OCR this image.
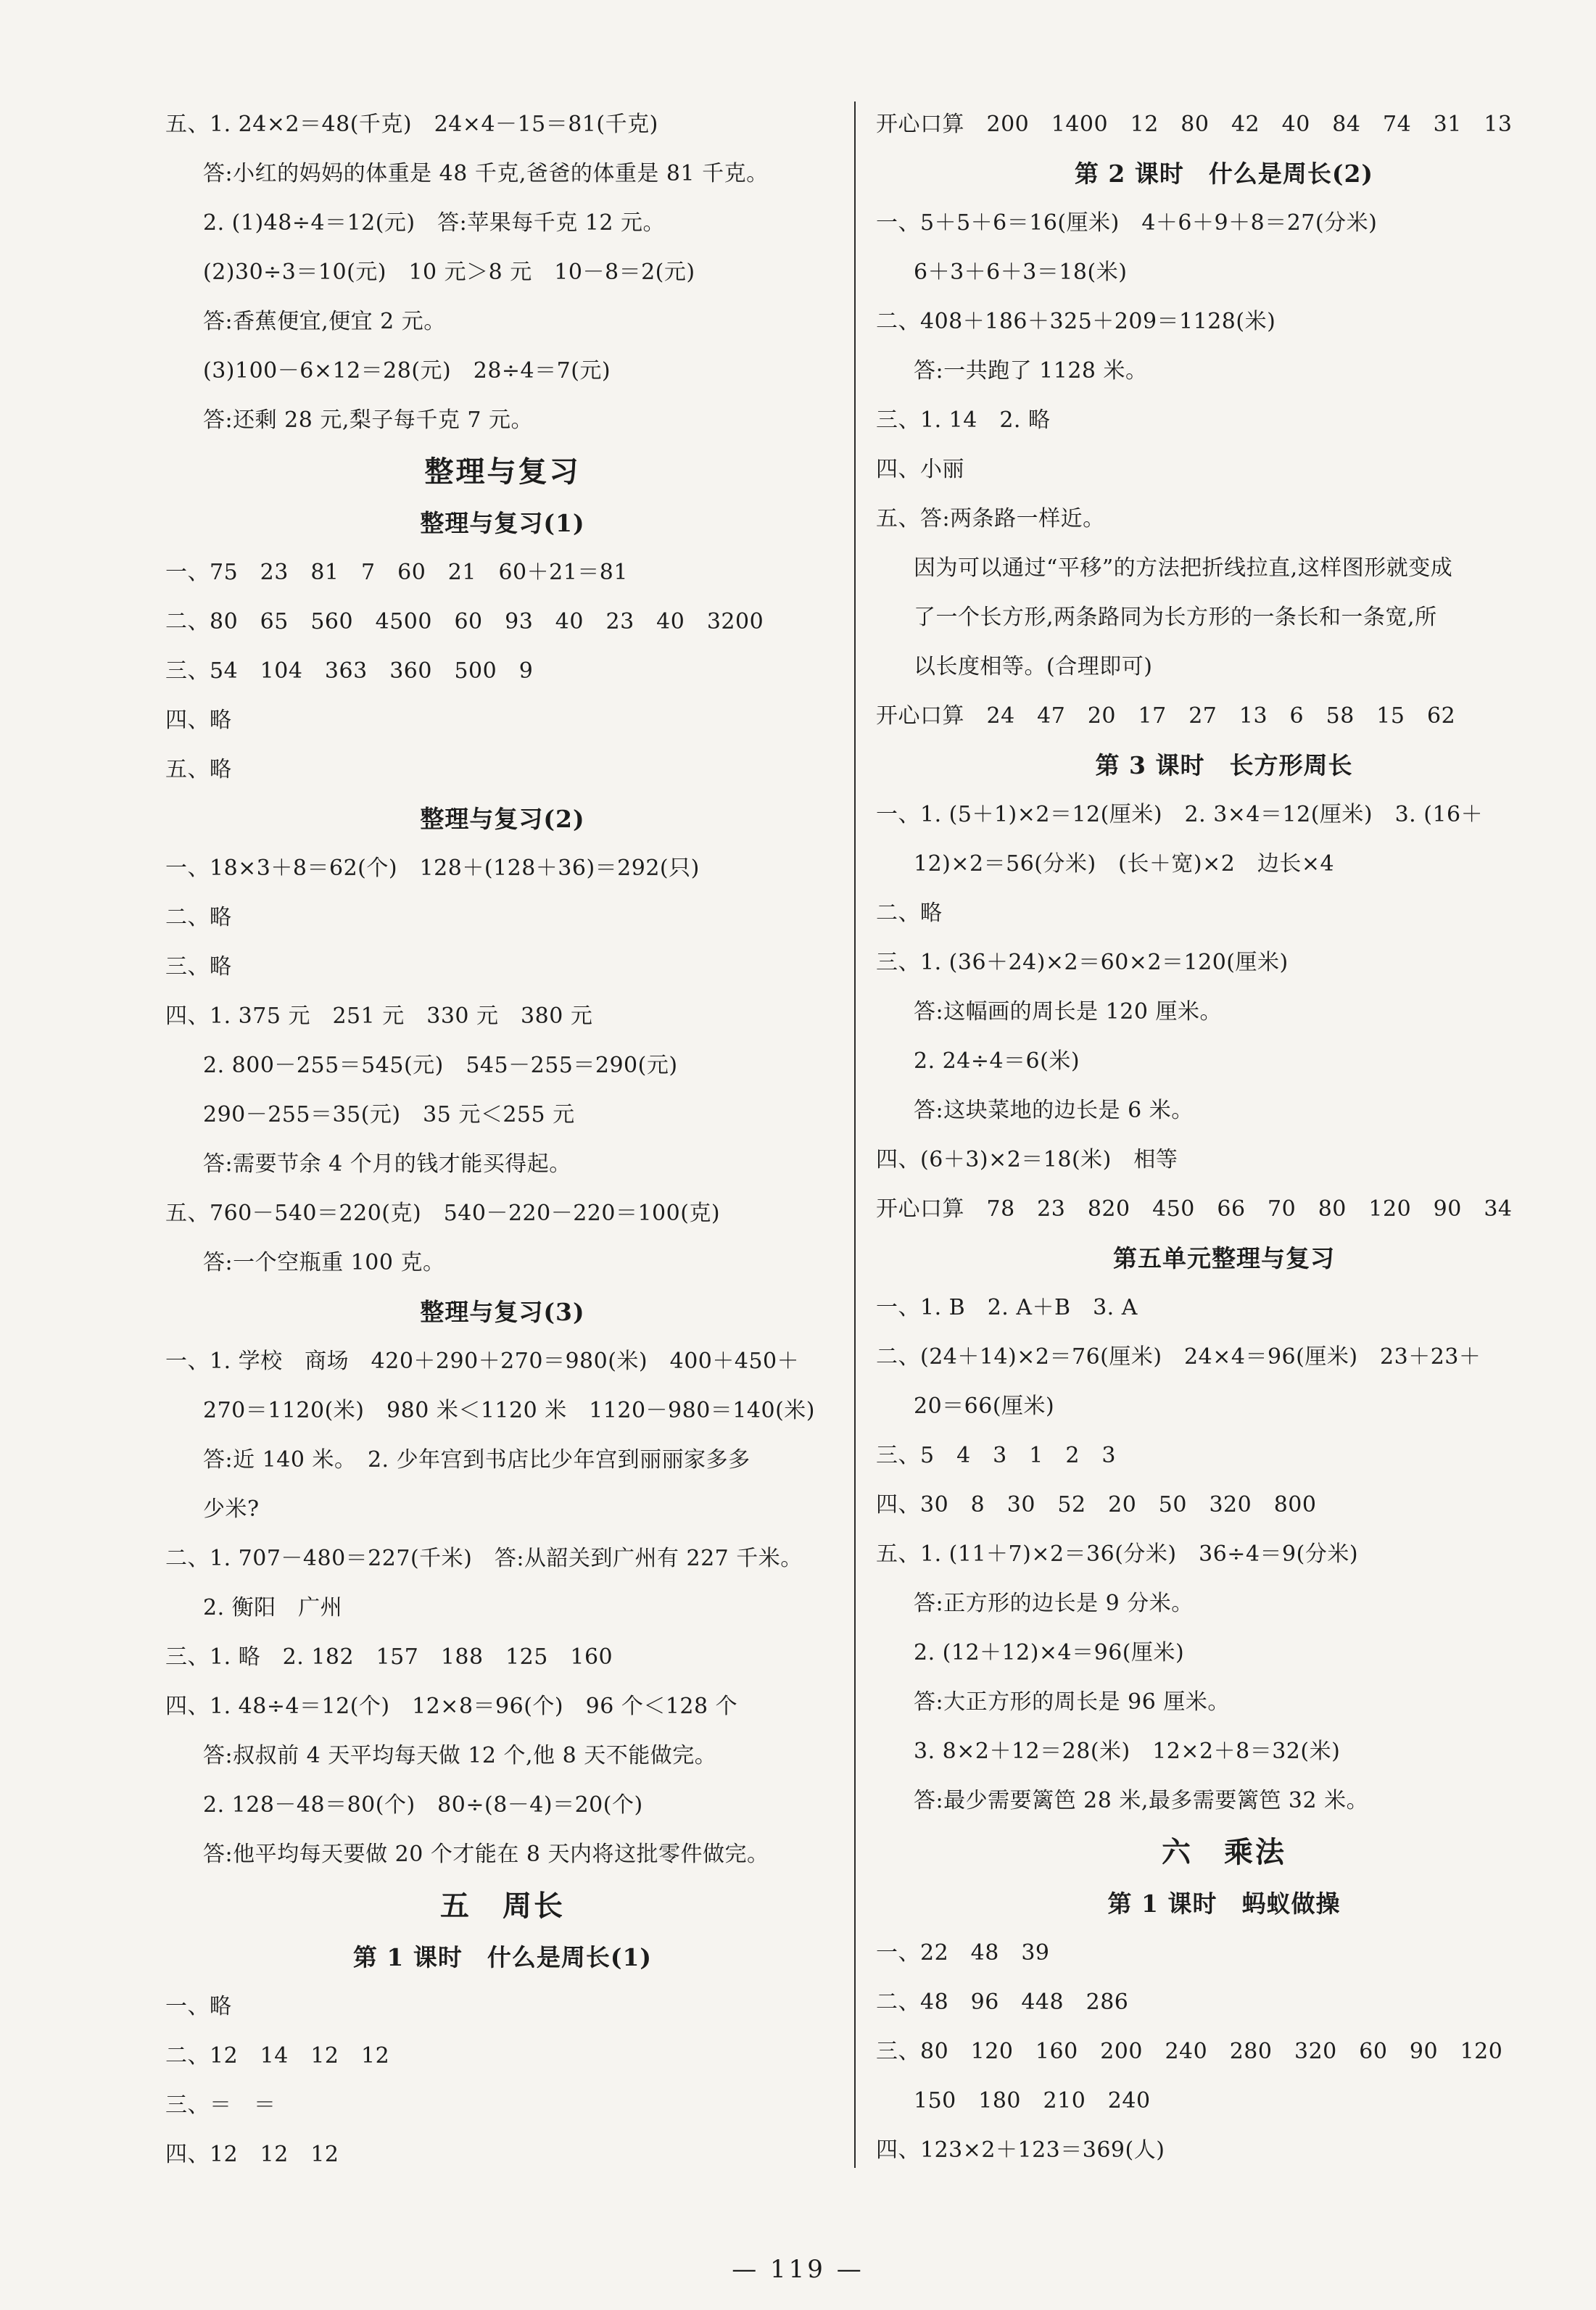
五、1. 24×2＝48(千克)　24×4－15＝81(千克)
答:小红的妈妈的体重是 48 千克,爸爸的体重是 81 千克。
2. (1)48÷4＝12(元)　答:苹果每千克 12 元。
(2)30÷3＝10(元)　10 元＞8 元　10－8＝2(元)
答:香蕉便宜,便宜 2 元。
(3)100－6×12＝28(元)　28÷4＝7(元)
答:还剩 28 元,梨子每千克 7 元。
整理与复习
整理与复习(1)
一、75　23　81　7　60　21　60＋21＝81
二、80　65　560　4500　60　93　40　23　40　3200
三、54　104　363　360　500　9
四、略
五、略
整理与复习(2)
一、18×3＋8＝62(个)　128＋(128＋36)＝292(只)
二、略
三、略
四、1. 375 元　251 元　330 元　380 元
2. 800－255＝545(元)　545－255＝290(元)
290－255＝35(元)　35 元＜255 元
答:需要节余 4 个月的钱才能买得起。
五、760－540＝220(克)　540－220－220＝100(克)
答:一个空瓶重 100 克。
整理与复习(3)
一、1. 学校　商场　420＋290＋270＝980(米)　400＋450＋
270＝1120(米)　980 米＜1120 米　1120－980＝140(米)
答:近 140 米。　2. 少年宫到书店比少年宫到丽丽家多多
少米?
二、1. 707－480＝227(千米)　答:从韶关到广州有 227 千米。
2. 衡阳　广州
三、1. 略　2. 182　157　188　125　160
四、1. 48÷4＝12(个)　12×8＝96(个)　96 个＜128 个
答:叔叔前 4 天平均每天做 12 个,他 8 天不能做完。
2. 128－48＝80(个)　80÷(8－4)＝20(个)
答:他平均每天要做 20 个才能在 8 天内将这批零件做完。
五　周长
第 1 课时　什么是周长(1)
一、略
二、12　14　12　12
三、＝　＝
四、12　12　12
开心口算　200　1400　12　80　42　40　84　74　31　13
第 2 课时　什么是周长(2)
一、5＋5＋6＝16(厘米)　4＋6＋9＋8＝27(分米)
6＋3＋6＋3＝18(米)
二、408＋186＋325＋209＝1128(米)
答:一共跑了 1128 米。
三、1. 14　2. 略
四、小丽
五、答:两条路一样近。
因为可以通过“平移”的方法把折线拉直,这样图形就变成
了一个长方形,两条路同为长方形的一条长和一条宽,所
以长度相等。(合理即可)
开心口算　24　47　20　17　27　13　6　58　15　62
第 3 课时　长方形周长
一、1. (5＋1)×2＝12(厘米)　2. 3×4＝12(厘米)　3. (16＋
12)×2＝56(分米)　(长＋宽)×2　边长×4
二、略
三、1. (36＋24)×2＝60×2＝120(厘米)
答:这幅画的周长是 120 厘米。
2. 24÷4＝6(米)
答:这块菜地的边长是 6 米。
四、(6＋3)×2＝18(米)　相等
开心口算　78　23　820　450　66　70　80　120　90　34
第五单元整理与复习
一、1. B　2. A＋B　3. A
二、(24＋14)×2＝76(厘米)　24×4＝96(厘米)　23＋23＋
20＝66(厘米)
三、5　4　3　1　2　3
四、30　8　30　52　20　50　320　800
五、1. (11＋7)×2＝36(分米)　36÷4＝9(分米)
答:正方形的边长是 9 分米。
2. (12＋12)×4＝96(厘米)
答:大正方形的周长是 96 厘米。
3. 8×2＋12＝28(米)　12×2＋8＝32(米)
答:最少需要篱笆 28 米,最多需要篱笆 32 米。
六　乘法
第 1 课时　蚂蚁做操
一、22　48　39
二、48　96　448　286
三、80　120　160　200　240　280　320　60　90　120
150　180　210　240
四、123×2＋123＝369(人)
— 119 —
